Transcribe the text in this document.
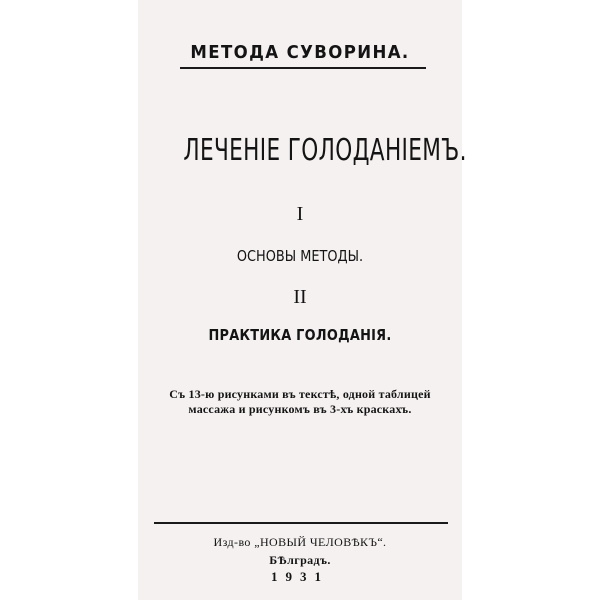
МЕТОДА СУВОРИНА.
ЛЕЧЕНІЕ ГОЛОДАНІЕМЪ.
I
ОСНОВЫ МЕТОДЫ.
II
ПРАКТИКА ГОЛОДАНІЯ.
Съ 13-ю рисунками въ текстѣ, одной таблицей
массажа и рисункомъ въ 3-хъ краскахъ.
Изд-во „НОВЫЙ ЧЕЛОВѢКЪ“.
БѢлградъ.
1931
